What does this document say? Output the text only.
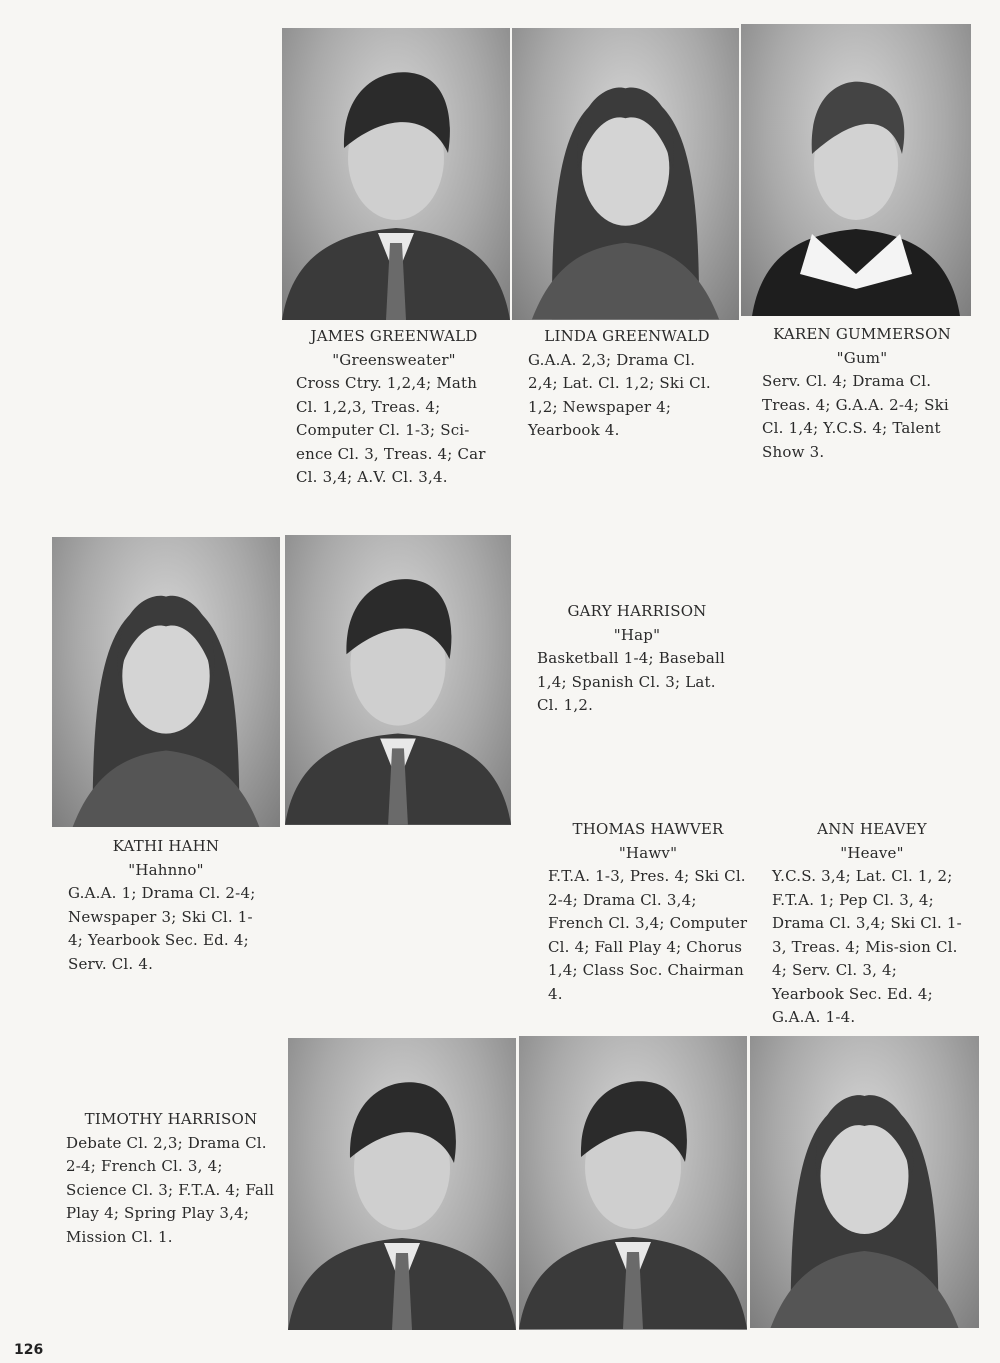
JAMES GREENWALD
"Greensweater"
Cross Ctry. 1,2,4; Math Cl. 1,2,3, Treas. 4; Computer Cl. 1-3; Sci-ence Cl. 3, Treas. 4; Car Cl. 3,4; A.V. Cl. 3,4.
LINDA GREENWALD
G.A.A. 2,3; Drama Cl. 2,4; Lat. Cl. 1,2; Ski Cl. 1,2; Newspaper 4; Yearbook 4.
KAREN GUMMERSON
"Gum"
Serv. Cl. 4; Drama Cl. Treas. 4; G.A.A. 2-4; Ski Cl. 1,4; Y.C.S. 4; Talent Show 3.
GARY HARRISON
"Hap"
Basketball 1-4; Baseball 1,4; Spanish Cl. 3; Lat. Cl. 1,2.
KATHI HAHN
"Hahnno"
G.A.A. 1; Drama Cl. 2-4; Newspaper 3; Ski Cl. 1-4; Yearbook Sec. Ed. 4; Serv. Cl. 4.
THOMAS HAWVER
"Hawv"
F.T.A. 1-3, Pres. 4; Ski Cl. 2-4; Drama Cl. 3,4; French Cl. 3,4; Computer Cl. 4; Fall Play 4; Chorus 1,4; Class Soc. Chairman 4.
ANN HEAVEY
"Heave"
Y.C.S. 3,4; Lat. Cl. 1, 2; F.T.A. 1; Pep Cl. 3, 4; Drama Cl. 3,4; Ski Cl. 1-3, Treas. 4; Mis-sion Cl. 4; Serv. Cl. 3, 4; Yearbook Sec. Ed. 4; G.A.A. 1-4.
TIMOTHY HARRISON
Debate Cl. 2,3; Drama Cl. 2-4; French Cl. 3, 4; Science Cl. 3; F.T.A. 4; Fall Play 4; Spring Play 3,4; Mission Cl. 1.
126
